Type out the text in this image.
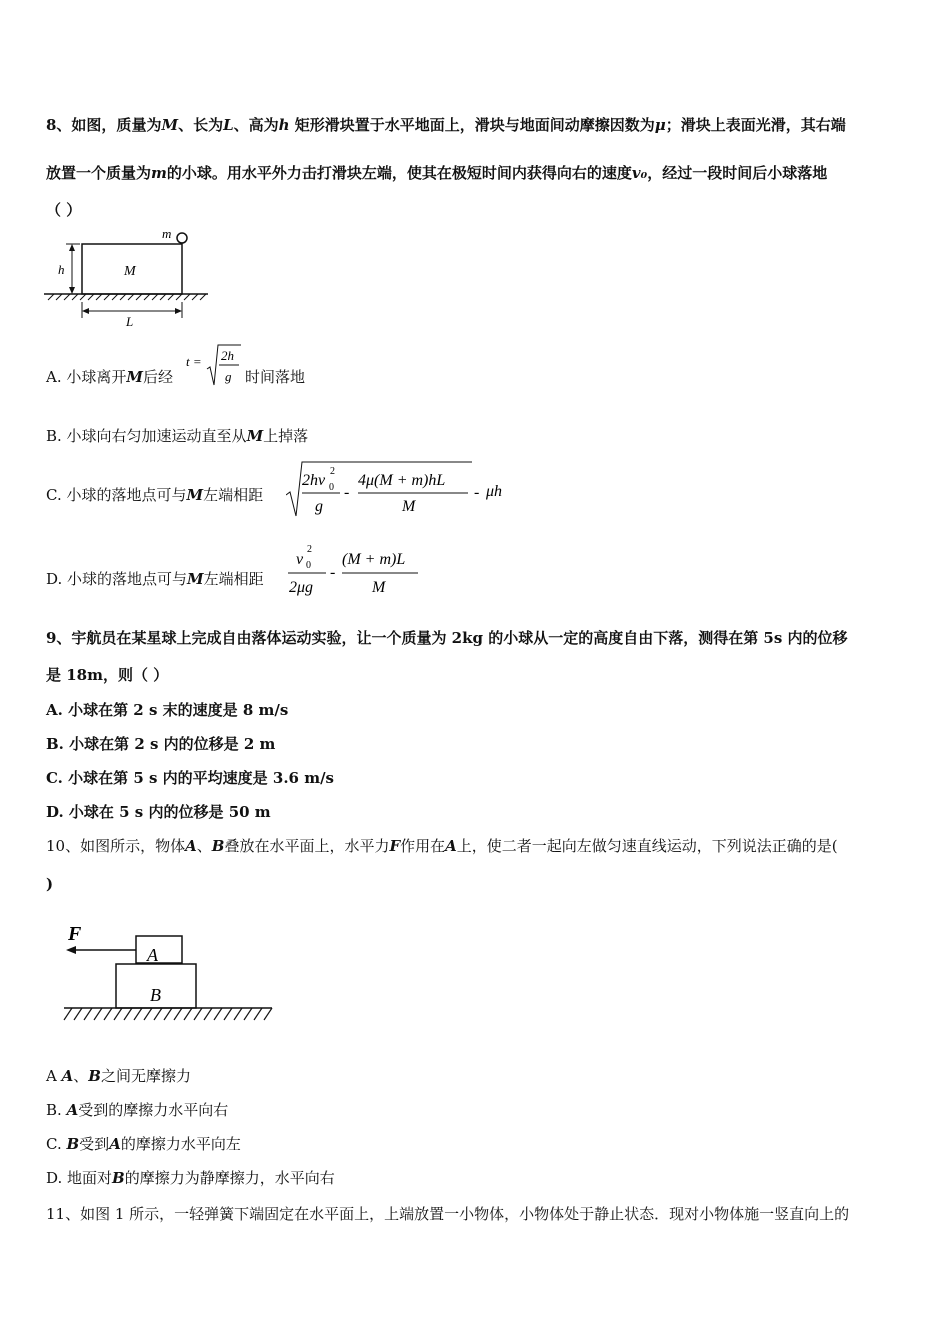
8、如图，质量为M、长为L、高为h 矩形滑块置于水平地面上，滑块与地面间动摩擦因数为μ；滑块上表面光滑，其右端
放置一个质量为m的小球。用水平外力击打滑块左端，使其在极短时间内获得向右的速度v₀，经过一段时间后小球落地
（ ）
m
M
h
L
A. 小球离开M后经
t = 2h
g 时间落地
B. 小球向右匀加速运动直至从M上掉落
C. 小球的落地点可与M左端相距
2hv
2
0
g
-
4μ(M + m)hL
M
- μh
D. 小球的落地点可与M左端相距
v
2
0
2μg
-
(M + m)L
M
9、宇航员在某星球上完成自由落体运动实验，让一个质量为 2kg 的小球从一定的高度自由下落，测得在第 5s 内的位移
是 18m，则（ ）
A. 小球在第 2 s 末的速度是 8 m/s
B. 小球在第 2 s 内的位移是 2 m
C. 小球在第 5 s 内的平均速度是 3.6 m/s
D. 小球在 5 s 内的位移是 50 m
10、如图所示，物体A、B叠放在水平面上，水平力F作用在A上，使二者一起向左做匀速直线运动，下列说法正确的是(
)
F
A
B
A A、B之间无摩擦力
B. A受到的摩擦力水平向右
C. B受到A的摩擦力水平向左
D. 地面对B的摩擦力为静摩擦力，水平向右
11、如图 1 所示，一轻弹簧下端固定在水平面上，上端放置一小物体，小物体处于静止状态．现对小物体施一竖直向上的
